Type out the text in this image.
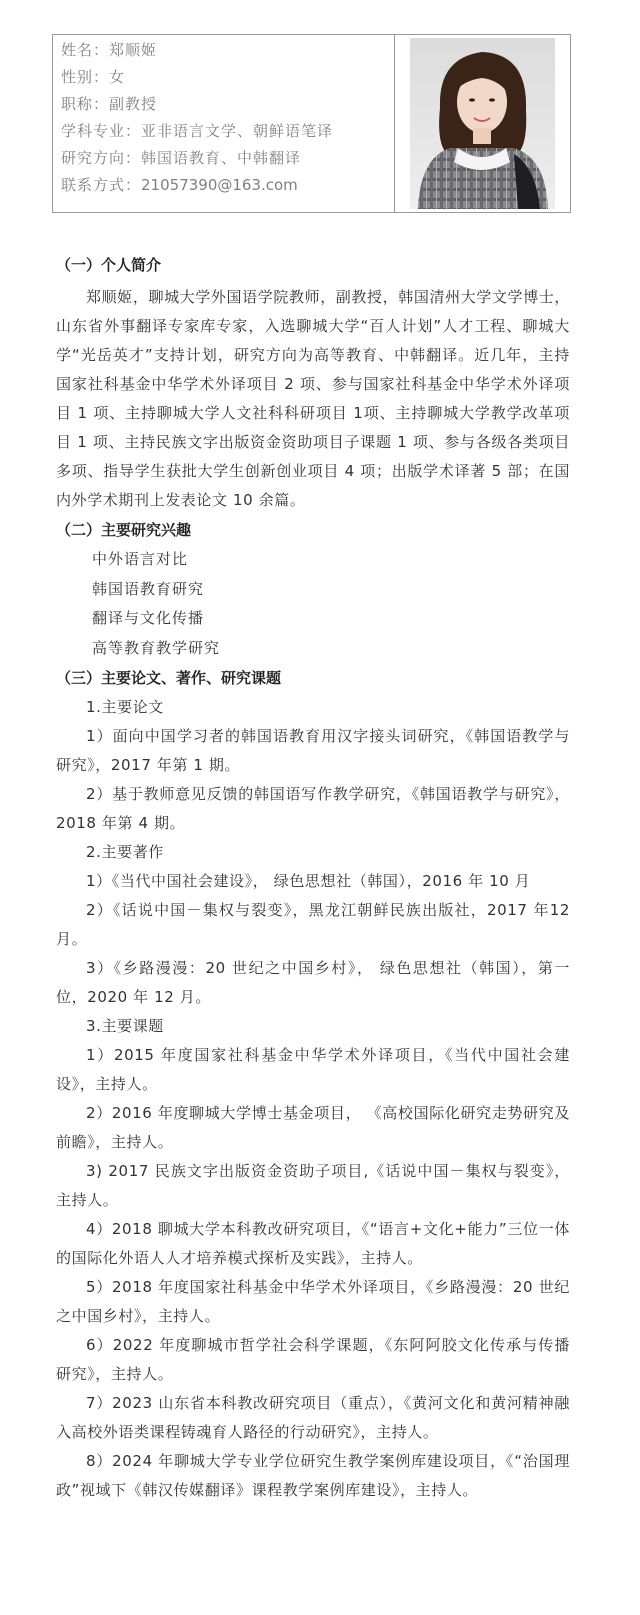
姓名：郑顺姬
性别：女
职称：副教授
学科专业：亚非语言文学、朝鲜语笔译
研究方向：韩国语教育、中韩翻译
联系方式：21057390@163.com
（一）个人简介

郑顺姬，聊城大学外国语学院教师，副教授，韩国清州大学文学博士，山东省外事翻译专家库专家，入选聊城大学“百人计划”人才工程、聊城大学“光岳英才”支持计划，研究方向为高等教育、中韩翻译。近几年，主持国家社科基金中华学术外译项目 2 项、参与国家社科基金中华学术外译项目 1 项、主持聊城大学人文社科科研项目 1项、主持聊城大学教学改革项目 1 项、主持民族文字出版资金资助项目子课题 1 项、参与各级各类项目多项、指导学生获批大学生创新创业项目 4 项；出版学术译著 5 部；在国内外学术期刊上发表论文 10 余篇。

（二）主要研究兴趣
中外语言对比
韩国语教育研究
翻译与文化传播
高等教育教学研究
（三）主要论文、著作、研究课题

1.主要论文

1）面向中国学习者的韩国语教育用汉字接头词研究，《韩国语教学与研究》，2017 年第 1 期。

2）基于教师意见反馈的韩国语写作教学研究，《韩国语教学与研究》，2018 年第 4 期。

2.主要著作

1）《当代中国社会建设》， 绿色思想社（韩国），2016 年 10 月

2）《话说中国－集权与裂变》，黑龙江朝鲜民族出版社，2017 年12 月。

3）《乡路漫漫：20 世纪之中国乡村》， 绿色思想社（韩国），第一位，2020 年 12 月。

3.主要课题

1）2015 年度国家社科基金中华学术外译项目，《当代中国社会建设》，主持人。

2）2016 年度聊城大学博士基金项目， 《高校国际化研究走势研究及前瞻》，主持人。

3) 2017 民族文字出版资金资助子项目,《话说中国－集权与裂变》，主持人。

4）2018 聊城大学本科教改研究项目，《“语言+文化+能力”三位一体的国际化外语人人才培养模式探析及实践》，主持人。

5）2018 年度国家社科基金中华学术外译项目，《乡路漫漫：20 世纪之中国乡村》，主持人。

6）2022 年度聊城市哲学社会科学课题，《东阿阿胶文化传承与传播研究》，主持人。

7）2023 山东省本科教改研究项目（重点），《黄河文化和黄河精神融入高校外语类课程铸魂育人路径的行动研究》，主持人。

8）2024 年聊城大学专业学位研究生教学案例库建设项目，《“治国理政”视域下《韩汉传媒翻译》课程教学案例库建设》，主持人。
